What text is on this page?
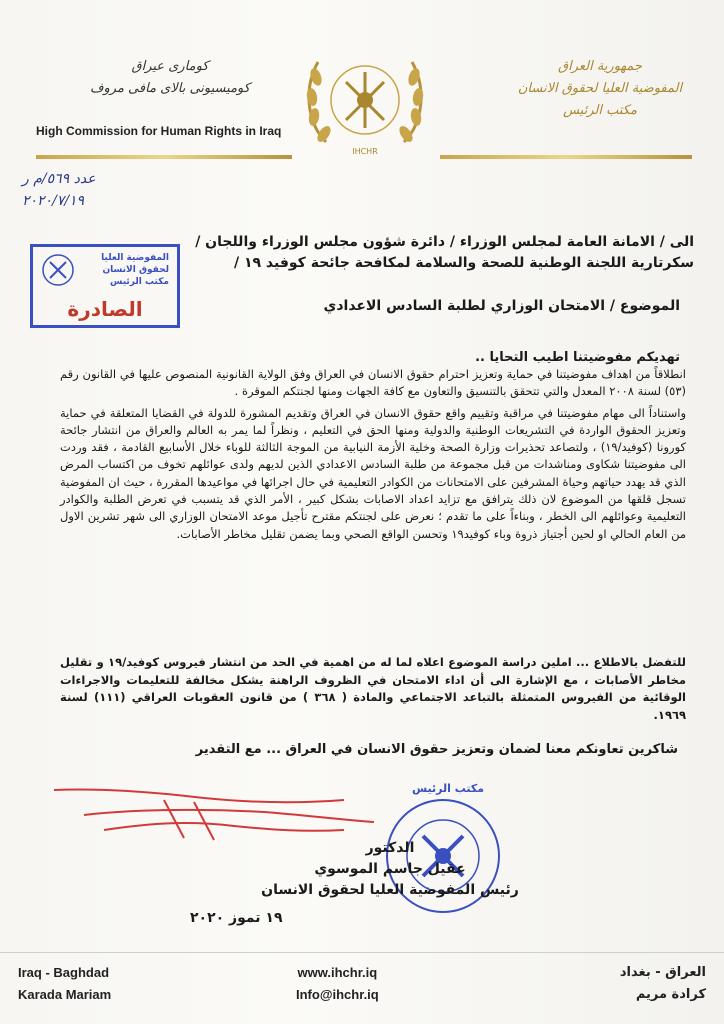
كومارى عيراق
كوميسيونى بالاى مافى مروف
High Commission for Human Rights in Iraq
IHCHR
جمهورية العراق
المفوضية العليا لحقوق الانسان
مكتب الرئيس
عدد ٥٦٩/م ر
٢٠٢٠/٧/١٩
المفوضية العليا
لحقوق الانسان
مكتب الرئيس
الصادرة
الى / الامانة العامة لمجلس الوزراء / دائرة شؤون مجلس الوزراء واللجان /
سكرتارية اللجنة الوطنية للصحة والسلامة لمكافحة جائحة كوفيد ١٩ /
الموضوع / الامتحان الوزاري لطلبة السادس الاعدادي
تهديكم مفوضيتنا اطيب التحايا ..

انطلاقاً من اهداف مفوضيتنا في حماية وتعزيز احترام حقوق الانسان في العراق وفق الولاية القانونية المنصوص عليها في القانون رقم (٥٣) لسنة ٢٠٠٨ المعدل والتي تتحقق بالتنسيق والتعاون مع كافة الجهات ومنها لجنتكم الموقرة .

واستناداً الى مهام مفوضيتنا في مراقبة وتقييم واقع حقوق الانسان في العراق وتقديم المشورة للدولة في القضايا المتعلقة في حماية وتعزيز الحقوق الواردة في التشريعات الوطنية والدولية ومنها الحق في التعليم ، ونظراً لما يمر به العالم والعراق من انتشار جائحة كورونا (كوفيد/١٩) ، ولتصاعد تحذيرات وزارة الصحة وخلية الأزمة النيابية من الموجة الثالثة للوباء خلال الأسابيع القادمة ، فقد وردت الى مفوضيتنا شكاوى ومناشدات من قبل مجموعة من طلبة السادس الاعدادي الذين لديهم ولدى عوائلهم تخوف من اكتساب المرض الذي قد يهدد حياتهم وحياة المشرفين على الامتحانات من الكوادر التعليمية في حال اجرائها في مواعيدها المقررة ، حيث ان المفوضية تسجل قلقها من الموضوع لان ذلك يترافق مع تزايد اعداد الاصابات بشكل كبير ، الأمر الذي قد يتسبب في تعرض الطلبة والكوادر التعليمية وعوائلهم الى الخطر ، وبناءاً على ما تقدم ؛ نعرض على لجنتكم مقترح تأجيل موعد الامتحان الوزاري الى شهر تشرين الاول من العام الحالي او لحين أجتياز ذروة وباء كوفيد١٩ وتحسن الواقع الصحي وبما يضمن تقليل مخاطر الأصابات.

للتفضل بالاطلاع ... املين دراسة الموضوع اعلاه لما له من اهمية في الحد من انتشار فيروس كوفيد/١٩ و تقليل مخاطر الأصابات ، مع الإشارة الى أن اداء الامتحان في الظروف الراهنة يشكل مخالفة للتعليمات والاجراءات الوقائية من الفيروس المتمثلة بالتباعد الاجتماعي والمادة ( ٣٦٨ ) من قانون العقوبات العراقي (١١١) لسنة ١٩٦٩.

شاكرين تعاونكم معنا لضمان وتعزيز حقوق الانسان في العراق ... مع التقدير
مكتب الرئيس
الدكتور
عقيل جاسم الموسوي
رئيس المفوضية العليا لحقوق الانسان
١٩ تموز ٢٠٢٠
Iraq - Baghdad
Karada Mariam
www.ihchr.iq
Info@ihchr.iq
العراق - بغداد
كرادة مريم
